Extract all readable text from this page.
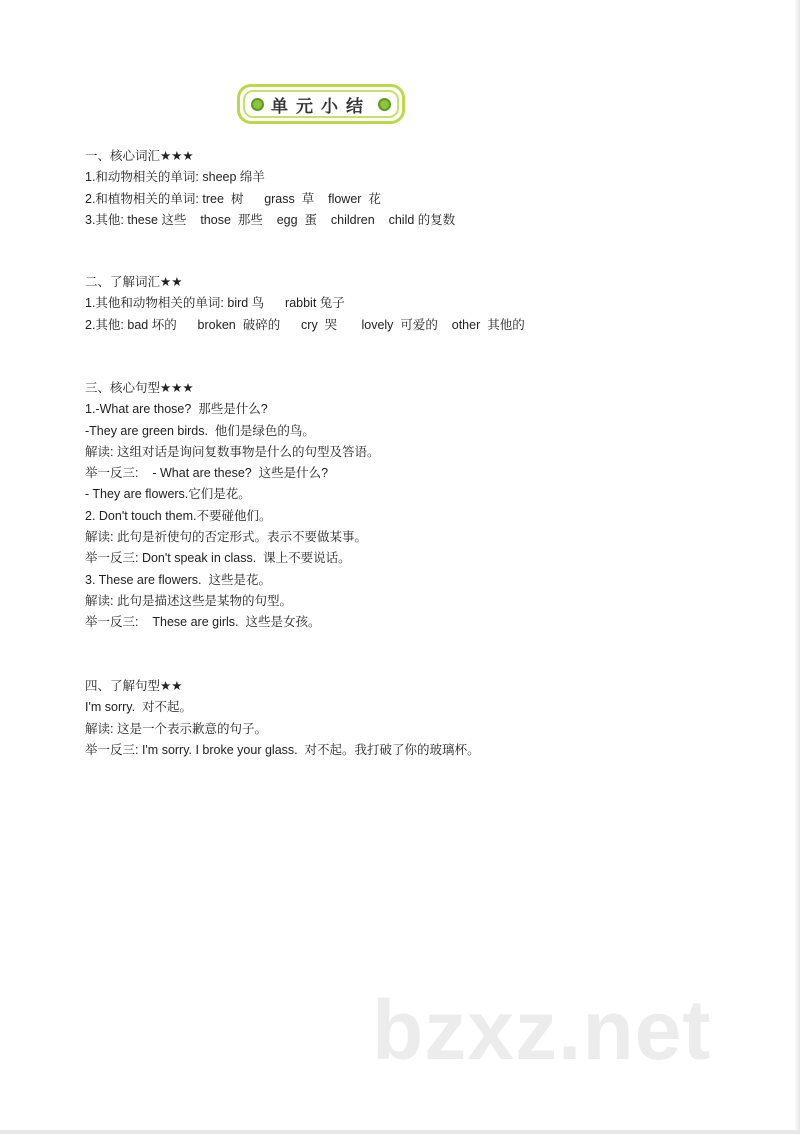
单元小结
一、核心词汇★★★
1.和动物相关的单词: sheep 绵羊
2.和植物相关的单词: tree  树      grass  草    flower  花
3.其他: these 这些    those  那些    egg  蛋    children    child 的复数
二、了解词汇★★
1.其他和动物相关的单词: bird 鸟      rabbit 兔子
2.其他: bad 坏的      broken  破碎的      cry  哭       lovely  可爱的    other  其他的
三、核心句型★★★
1.-What are those?  那些是什么?
-They are green birds.  他们是绿色的鸟。
解读: 这组对话是询问复数事物是什么的句型及答语。
举一反三:    - What are these?  这些是什么?
- They are flowers.它们是花。
2. Don't touch them.不要碰他们。
解读: 此句是祈使句的否定形式。表示不要做某事。
举一反三: Don't speak in class.  课上不要说话。
3. These are flowers.  这些是花。
解读: 此句是描述这些是某物的句型。
举一反三:    These are girls.  这些是女孩。
四、了解句型★★
I'm sorry.  对不起。
解读: 这是一个表示歉意的句子。
举一反三: I'm sorry. I broke your glass.  对不起。我打破了你的玻璃杯。
bzxz.net
